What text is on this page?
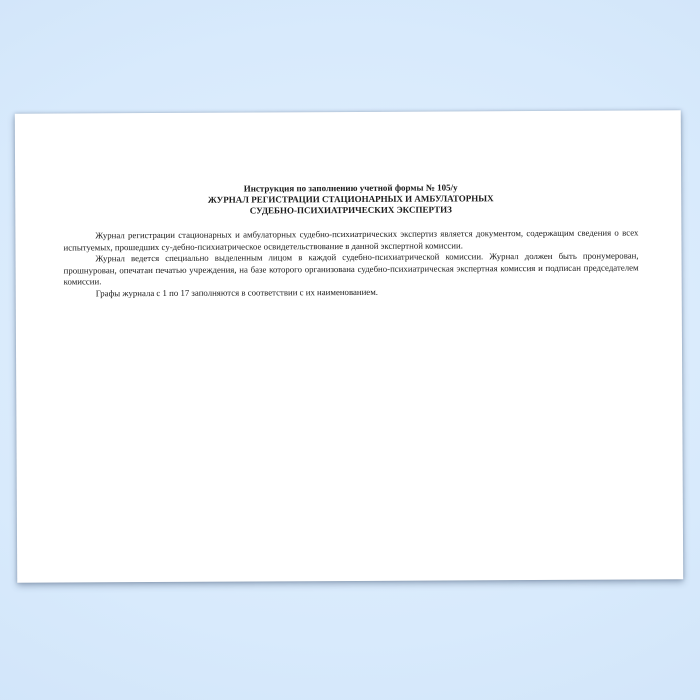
Инструкция по заполнению учетной формы № 105/у
ЖУРНАЛ РЕГИСТРАЦИИ СТАЦИОНАРНЫХ И АМБУЛАТОРНЫХ
СУДЕБНО-ПСИХИАТРИЧЕСКИХ ЭКСПЕРТИЗ

Журнал регистрации стационарных и амбулаторных судебно-психиатрических экспертиз является документом, содержащим сведения о всех испытуемых, прошедших су-дебно-психиатрическое освидетельствование в данной экспертной комиссии.

Журнал ведется специально выделенным лицом в каждой судебно-психиатрической комиссии. Журнал должен быть пронумерован, прошнурован, опечатан печатью учреждения, на базе которого организована судебно-психиатрическая экспертная комиссия и подписан председателем комиссии.

Графы журнала с 1 по 17 заполняются в соответствии с их наименованием.
